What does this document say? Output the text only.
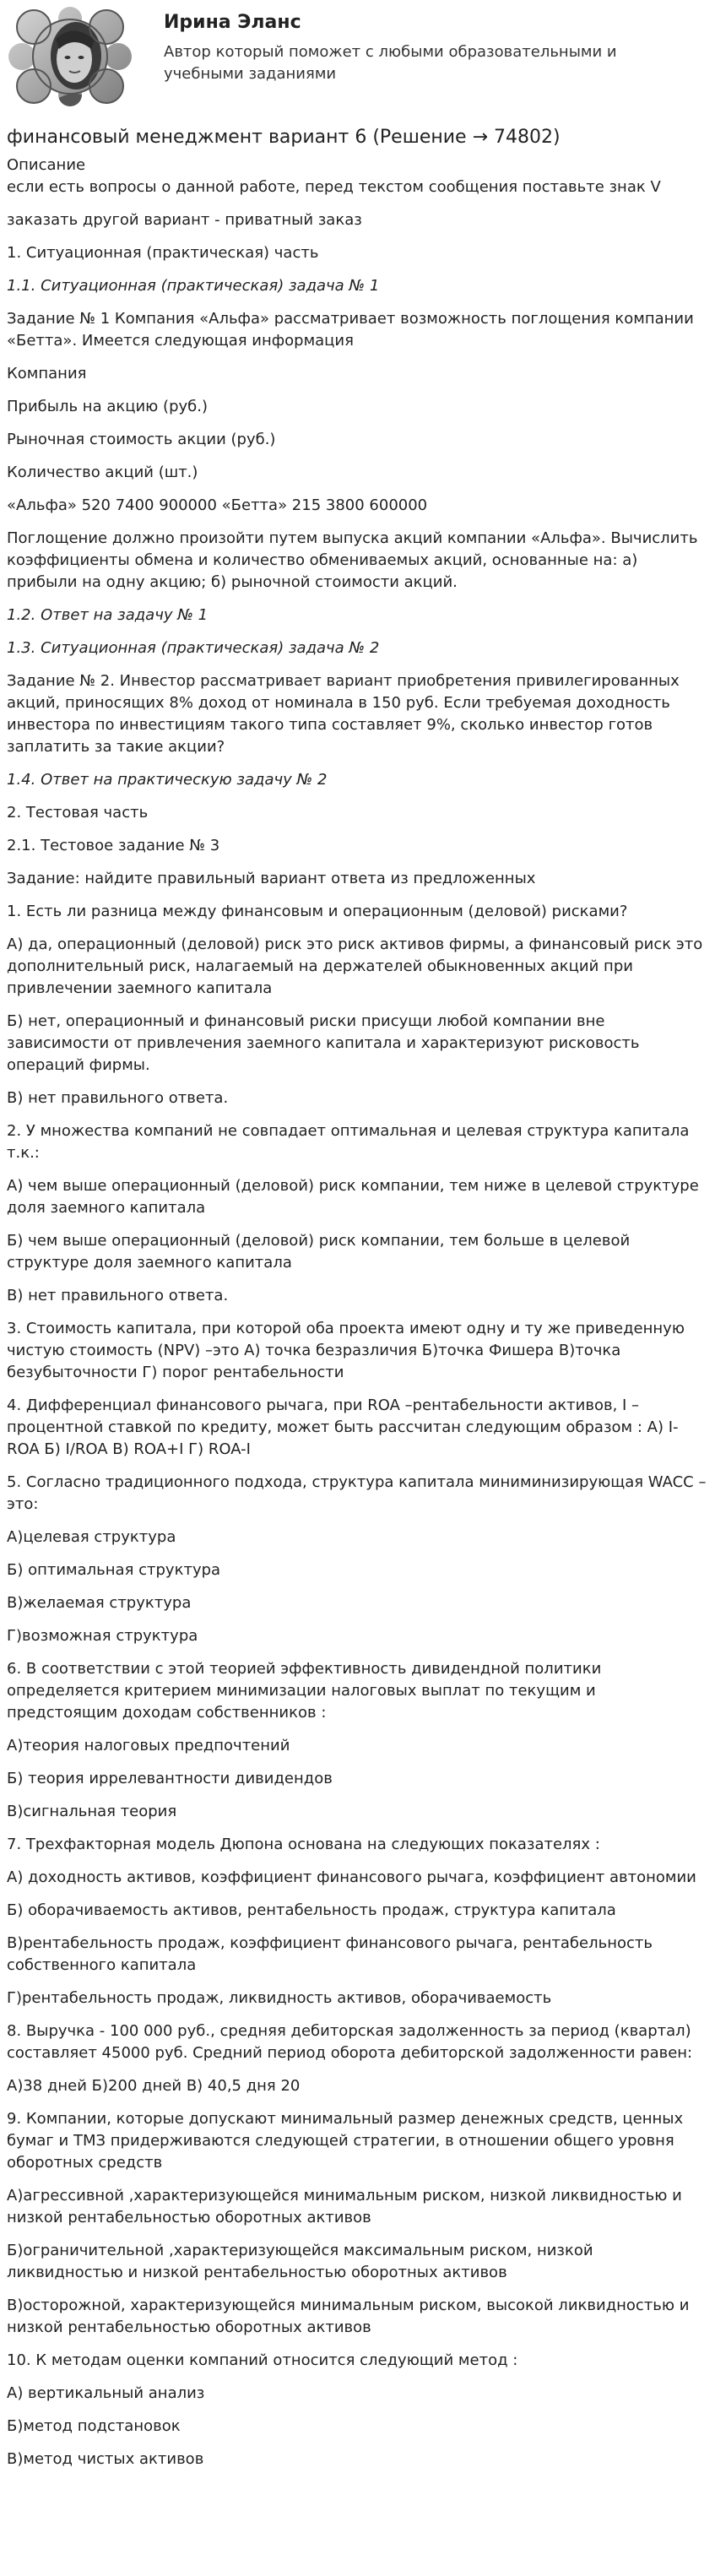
Ирина Эланс
Автор который поможет с любыми образовательными и учебными заданиями
финансовый менеджмент вариант 6 (Решение → 74802)

Описание

если есть вопросы о данной работе, перед текстом сообщения поставьте знак V

заказать другой вариант - приватный заказ

1. Ситуационная (практическая) часть

1.1. Ситуационная (практическая) задача № 1

Задание № 1 Компания «Альфа» рассматривает возможность поглощения компании «Бетта». Имеется следующая информация

Компания

Прибыль на акцию (руб.)

Рыночная стоимость акции (руб.)

Количество акций (шт.)

«Альфа» 520 7400 900000 «Бетта» 215 3800 600000

Поглощение должно произойти путем выпуска акций компании «Альфа». Вычислить коэффициенты обмена и количество обмениваемых акций, основанные на: а) прибыли на одну акцию; б) рыночной стоимости акций.

1.2. Ответ на задачу № 1

1.3. Ситуационная (практическая) задача № 2

Задание № 2. Инвестор рассматривает вариант приобретения привилегированных акций, приносящих 8% доход от номинала в 150 руб. Если требуемая доходность инвестора по инвестициям такого типа составляет 9%, сколько инвестор готов заплатить за такие акции?

1.4. Ответ на практическую задачу № 2

2. Тестовая часть

2.1. Тестовое задание № 3

Задание: найдите правильный вариант ответа из предложенных

1. Есть ли разница между финансовым и операционным (деловой) рисками?

А) да, операционный (деловой) риск это риск активов фирмы, а финансовый риск это дополнительный риск, налагаемый на держателей обыкновенных акций при привлечении заемного капитала

Б) нет, операционный и финансовый риски присущи любой компании вне зависимости от привлечения заемного капитала и характеризуют рисковость операций фирмы.

В) нет правильного ответа.

2. У множества компаний не совпадает оптимальная и целевая структура капитала т.к.:

А) чем выше операционный (деловой) риск компании, тем ниже в целевой структуре доля заемного капитала

Б) чем выше операционный (деловой) риск компании, тем больше в целевой структуре доля заемного капитала

В) нет правильного ответа.

3. Стоимость капитала, при которой оба проекта имеют одну и ту же приведенную чистую стоимость (NPV) –это А) точка безразличия Б)точка Фишера В)точка безубыточности Г) порог рентабельности

4. Дифференциал финансового рычага, при ROA –рентабельности активов, I –процентной ставкой по кредиту, может быть рассчитан следующим образом : А) I-ROA Б) I/ROA В) ROA+I Г) ROA-I

5. Согласно традиционного подхода, структура капитала миниминизирующая WACC –это:

А)целевая структура

Б) оптимальная структура

В)желаемая структура

Г)возможная структура

6. В соответствии с этой теорией эффективность дивидендной политики определяется критерием минимизации налоговых выплат по текущим и предстоящим доходам собственников :

А)теория налоговых предпочтений

Б) теория иррелевантности дивидендов

В)сигнальная теория

7. Трехфакторная модель Дюпона основана на следующих показателях :

А) доходность активов, коэффициент финансового рычага, коэффициент автономии

Б) оборачиваемость активов, рентабельность продаж, структура капитала

В)рентабельность продаж, коэффициент финансового рычага, рентабельность собственного капитала

Г)рентабельность продаж, ликвидность активов, оборачиваемость

8. Выручка - 100 000 руб., средняя дебиторская задолженность за период (квартал) составляет 45000 руб. Средний период оборота дебиторской задолженности равен:

А)38 дней Б)200 дней В) 40,5 дня 20

9. Компании, которые допускают минимальный размер денежных средств, ценных бумаг и ТМЗ придерживаются следующей стратегии, в отношении общего уровня оборотных средств

А)агрессивной ,характеризующейся минимальным риском, низкой ликвидностью и низкой рентабельностью оборотных активов

Б)ограничительной ,характеризующейся максимальным риском, низкой ликвидностью и низкой рентабельностью оборотных активов

В)осторожной, характеризующейся минимальным риском, высокой ликвидностью и низкой рентабельностью оборотных активов

10. К методам оценки компаний относится следующий метод :

А) вертикальный анализ

Б)метод подстановок

В)метод чистых активов
